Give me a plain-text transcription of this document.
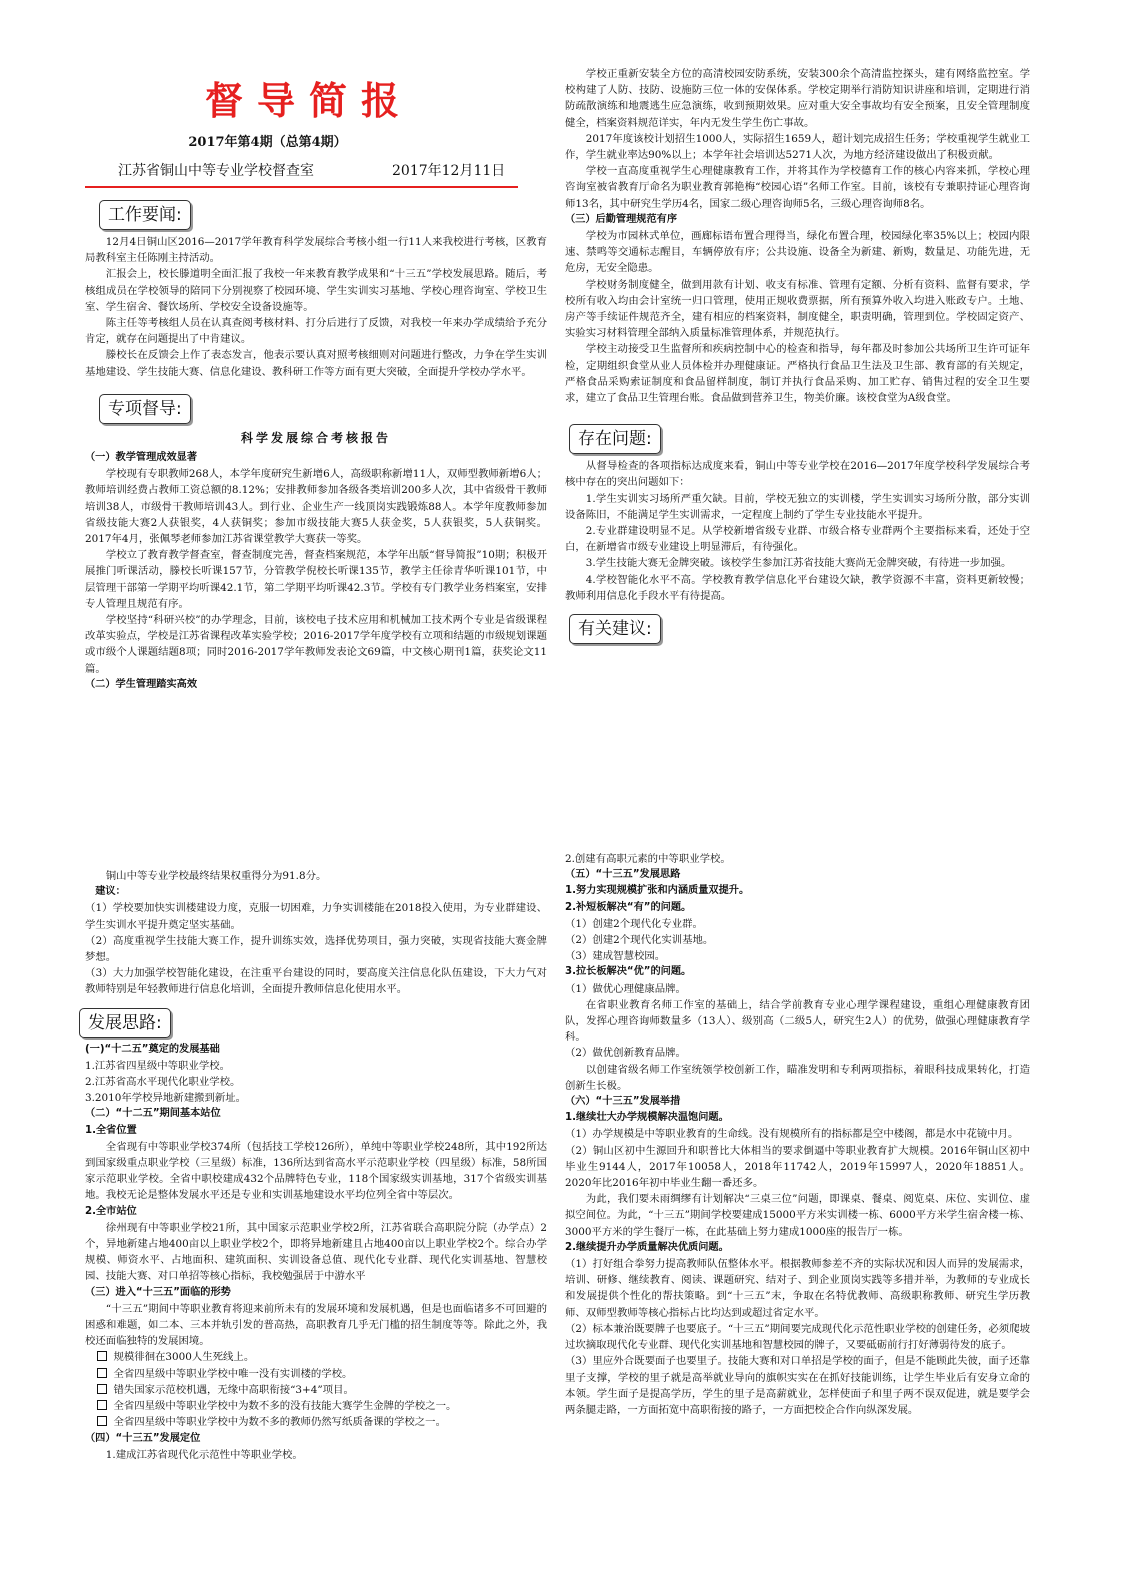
督导简报
2017年第4期（总第4期）
江苏省铜山中等专业学校督查室	2017年12月11日
工作要闻:

12月4日铜山区2016—2017学年教育科学发展综合考核小组一行11人来我校进行考核，区教育局教科室主任陈刚主持活动。

汇报会上，校长滕道明全面汇报了我校一年来教育教学成果和“十三五”学校发展思路。随后，考核组成员在学校领导的陪同下分别视察了校园环境、学生实训实习基地、学校心理咨询室、学校卫生室、学生宿舍、餐饮场所、学校安全设备设施等。

陈主任等考核组人员在认真查阅考核材料、打分后进行了反馈，对我校一年来办学成绩给予充分肯定，就存在问题提出了中肯建议。

滕校长在反馈会上作了表态发言，他表示要认真对照考核细则对问题进行整改，力争在学生实训基地建设、学生技能大赛、信息化建设、教科研工作等方面有更大突破，全面提升学校办学水平。

专项督导:
科学发展综合考核报告

（一）教学管理成效显著

学校现有专职教师268人，本学年度研究生新增6人，高级职称新增11人，双师型教师新增6人；教师培训经费占教师工资总额的8.12%；安排教师参加各级各类培训200多人次，其中省级骨干教师培训38人，市级骨干教师培训43人。到行业、企业生产一线顶岗实践锻炼88人。本学年度教师参加省级技能大赛2人获银奖，4人获铜奖；参加市级技能大赛5人获金奖，5人获银奖，5人获铜奖。2017年4月，张佩琴老师参加江苏省课堂教学大赛获一等奖。

学校立了教育教学督查室，督查制度完善，督查档案规范，本学年出版“督导简报”10期；积极开展推门听课活动，滕校长听课157节，分管教学倪校长听课135节，教学主任徐青华听课101节，中层管理干部第一学期平均听课42.1节，第二学期平均听课42.3节。学校有专门教学业务档案室，安排专人管理且规范有序。

学校坚持“科研兴校”的办学理念，目前，该校电子技术应用和机械加工技术两个专业是省级课程改革实验点，学校是江苏省课程改革实验学校；2016-2017学年度学校有立项和结题的市级规划课题或市级个人课题结题8项；同时2016-2017学年教师发表论文69篇，中文核心期刊1篇，获奖论文11篇。

（二）学生管理踏实高效

学校正重新安装全方位的高清校园安防系统，安装300余个高清监控探头，建有网络监控室。学校构建了人防、技防、设施防三位一体的安保体系。学校定期举行消防知识讲座和培训，定期进行消防疏散演练和地震逃生应急演练，收到预期效果。应对重大安全事故均有安全预案，且安全管理制度健全，档案资料规范详实，年内无发生学生伤亡事故。

2017年度该校计划招生1000人，实际招生1659人，超计划完成招生任务；学校重视学生就业工作，学生就业率达90%以上；本学年社会培训达5271人次，为地方经济建设做出了积极贡献。

学校一直高度重视学生心理健康教育工作，并将其作为学校德育工作的核心内容来抓，学校心理咨询室被省教育厅命名为职业教育郭艳梅“校园心语”名师工作室。目前，该校有专兼职持证心理咨询师13名，其中研究生学历4名，国家二级心理咨询师5名，三级心理咨询师8名。

（三）后勤管理规范有序

学校为市园林式单位，画廊标语布置合理得当，绿化布置合理，校园绿化率35%以上；校园内限速、禁鸣等交通标志醒目，车辆停放有序；公共设施、设备全为新建、新购，数量足、功能先进，无危房，无安全隐患。

学校财务制度健全，做到用款有计划、收支有标准、管理有定额、分析有资料、监督有要求，学校所有收入均由会计室统一归口管理，使用正规收费票据，所有预算外收入均进入账政专户。土地、房产等手续证件规范齐全，建有相应的档案资料，制度健全，职责明确，管理到位。学校固定资产、实验实习材料管理全部纳入质量标准管理体系，并规范执行。

学校主动接受卫生监督所和疾病控制中心的检查和指导，每年都及时参加公共场所卫生许可证年检，定期组织食堂从业人员体检并办理健康证。严格执行食品卫生法及卫生部、教育部的有关规定，严格食品采购索证制度和食品留样制度，制订并执行食品采购、加工贮存、销售过程的安全卫生要求，建立了食品卫生管理台账。食品做到营养卫生，物美价廉。该校食堂为A级食堂。

存在问题:

从督导检查的各项指标达成度来看，铜山中等专业学校在2016—2017年度学校科学发展综合考核中存在的突出问题如下：

1.学生实训实习场所严重欠缺。目前，学校无独立的实训楼，学生实训实习场所分散，部分实训设备陈旧，不能满足学生实训需求，一定程度上制约了学生专业技能水平提升。

2.专业群建设明显不足。从学校新增省级专业群、市级合格专业群两个主要指标来看，还处于空白，在新增省市级专业建设上明显滞后，有待强化。

3.学生技能大赛无金牌突破。该校学生参加江苏省技能大赛尚无金牌突破，有待进一步加强。

4.学校智能化水平不高。学校教育教学信息化平台建设欠缺，教学资源不丰富，资料更新较慢；教师利用信息化手段水平有待提高。

有关建议:

铜山中等专业学校最终结果权重得分为91.8分。

建议：

（1）学校要加快实训楼建设力度，克服一切困难，力争实训楼能在2018投入使用，为专业群建设、学生实训水平提升奠定坚实基础。

（2）高度重视学生技能大赛工作，提升训练实效，选择优势项目，强力突破，实现省技能大赛金牌梦想。

（3）大力加强学校智能化建设，在注重平台建设的同时，要高度关注信息化队伍建设，下大力气对教师特别是年轻教师进行信息化培训，全面提升教师信息化使用水平。

发展思路:

(一)“十二五”奠定的发展基础

1.江苏省四星级中等职业学校。

2.江苏省高水平现代化职业学校。

3.2010年学校异地新建搬到新址。

（二）“十二五”期间基本站位

1.全省位置

全省现有中等职业学校374所（包括技工学校126所），单纯中等职业学校248所，其中192所达到国家级重点职业学校（三星级）标准，136所达到省高水平示范职业学校（四星级）标准，58所国家示范职业学校。全省中职校建成432个品牌特色专业，118个国家级实训基地，317个省级实训基地。我校无论是整体发展水平还是专业和实训基地建设水平均位列全省中等层次。

2.全市站位

徐州现有中等职业学校21所，其中国家示范职业学校2所，江苏省联合高职院分院（办学点）2个，异地新建占地400亩以上职业学校2个，即将异地新建且占地400亩以上职业学校2个。综合办学规模、师资水平、占地面积、建筑面积、实训设备总值、现代化专业群、现代化实训基地、智慧校园、技能大赛、对口单招等核心指标，我校勉强居于中游水平

（三）进入“十三五”面临的形势

“十三五”期间中等职业教育将迎来前所未有的发展环境和发展机遇，但是也面临诸多不可回避的困惑和难题，如二本、三本并轨引发的普高热，高职教育几乎无门槛的招生制度等等。除此之外，我校还面临独特的发展困境。

规模徘徊在3000人生死线上。

全省四星级中等职业学校中唯一没有实训楼的学校。

错失国家示范校机遇，无缘中高职衔接“3+4”项目。

全省四星级中等职业学校中为数不多的没有技能大赛学生金牌的学校之一。

全省四星级中等职业学校中为数不多的教师仍然写纸质备课的学校之一。

（四）“十三五”发展定位

1.建成江苏省现代化示范性中等职业学校。

2.创建有高职元素的中等职业学校。

（五）“十三五”发展思路

1.努力实现规模扩张和内涵质量双提升。

2.补短板解决“有”的问题。

（1）创建2个现代化专业群。

（2）创建2个现代化实训基地。

（3）建成智慧校园。

3.拉长板解决“优”的问题。

（1）做优心理健康品牌。

在省职业教育名师工作室的基础上，结合学前教育专业心理学课程建设，重组心理健康教育团队，发挥心理咨询师数量多（13人）、级别高（二级5人，研究生2人）的优势，做强心理健康教育学科。

（2）做优创新教育品牌。

以创建省级名师工作室统领学校创新工作，瞄准发明和专利两项指标，着眼科技成果转化，打造创新生长极。

（六）“十三五”发展举措

1.继续壮大办学规模解决温饱问题。

（1）办学规模是中等职业教育的生命线。没有规模所有的指标都是空中楼阁，都是水中花镜中月。

（2）铜山区初中生源回升和职普比大体相当的要求倒逼中等职业教育扩大规模。2016年铜山区初中毕业生9144人，2017年10058人，2018年11742人，2019年15997人，2020年18851人。2020年比2016年初中毕业生翻一番还多。

为此，我们要未雨绸缪有计划解决“三桌三位”问题，即课桌、餐桌、阅览桌、床位、实训位、虚拟空间位。为此，“十三五”期间学校要建成15000平方米实训楼一栋、6000平方米学生宿舍楼一栋、3000平方米的学生餐厅一栋，在此基础上努力建成1000座的报告厅一栋。

2.继续提升办学质量解决优质问题。

（1）打好组合拳努力提高教师队伍整体水平。根据教师参差不齐的实际状况和因人而异的发展需求，培训、研修、继续教育、阅读、课题研究、结对子、到企业顶岗实践等多措并举，为教师的专业成长和发展提供个性化的帮扶策略。到“十三五”末，争取在名特优教师、高级职称教师、研究生学历教师、双师型教师等核心指标占比均达到或超过省定水平。

（2）标本兼治既要牌子也要底子。“十三五”期间要完成现代化示范性职业学校的创建任务，必须爬坡过坎摘取现代化专业群、现代化实训基地和智慧校园的牌子，又要砥砺前行打好薄弱待发的底子。

（3）里应外合既要面子也要里子。技能大赛和对口单招是学校的面子，但是不能顾此失彼，面子还靠里子支撑，学校的里子就是高举就业导向的旗帜实实在在抓好技能训练，让学生毕业后有安身立命的本领。学生面子是提高学历，学生的里子是高薪就业，怎样使面子和里子两不误双促进，就是要学会两条腿走路，一方面拓宽中高职衔接的路子，一方面把校企合作向纵深发展。
